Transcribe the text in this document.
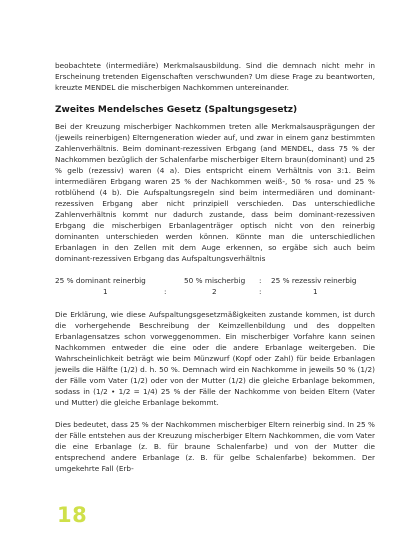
beobachtete (intermediäre) Merkmalsausbildung. Sind die demnach nicht mehr in Erscheinung tretenden Eigenschaften verschwunden? Um diese Frage zu beantworten, kreuzte MENDEL die mischerbigen Nachkommen untereinander.

Zweites Mendelsches Gesetz (Spaltungsgesetz)

Bei der Kreuzung mischerbiger Nachkommen treten alle Merkmalsausprägungen der (jeweils reinerbigen) Elterngeneration wieder auf, und zwar in einem ganz bestimmten Zahlenverhältnis. Beim dominant-rezessiven Erbgang (and MENDEL, dass 75 % der Nachkommen bezüglich der Schalenfarbe mischerbiger Eltern braun(dominant) und 25 % gelb (rezessiv) waren (4 a). Dies entspricht einem Verhältnis von 3:1. Beim intermediären Erbgang waren 25 % der Nachkommen weiß-, 50 % rosa- und 25 % rotblühend (4 b). Die Aufspaltungsregeln sind beim intermediären und dominant-rezessiven Erbgang aber nicht prinzipiell verschieden. Das unterschiedliche Zahlenverhältnis kommt nur dadurch zustande, dass beim dominant-rezessiven Erbgang die mischerbigen Erbanlagenträger optisch nicht von den reinerbig dominanten unterschieden werden können. Könnte man die unterschiedlichen Erbanlagen in den Zellen mit dem Auge erkennen, so ergäbe sich auch beim dominant-rezessiven Erbgang das Aufspaltungsverhältnis

25 % dominant reinerbig	50 % mischerbig : 25 % rezessiv reinerbig
1	:	2	:	1

Die Erklärung, wie diese Aufspaltungsgesetzmäßigkeiten zustande kommen, ist durch die vorhergehende Beschreibung der Keimzellenbildung und des doppelten Erbanlagensatzes schon vorweggenommen. Ein mischerbiger Vorfahre kann seinen Nachkommen entweder die eine oder die andere Erbanlage weitergeben. Die Wahrscheinlichkeit beträgt wie beim Münzwurf (Kopf oder Zahl) für beide Erbanlagen jeweils die Hälfte (1/2) d. h. 50 %. Demnach wird ein Nachkomme in jeweils 50 % (1/2) der Fälle vom Vater (1/2) oder von der Mutter (1/2) die gleiche Erbanlage bekommen, sodass in (1/2 • 1/2 = 1/4) 25 % der Fälle der Nachkomme von beiden Eltern (Vater und Mutter) die gleiche Erbanlage bekommt.

Dies bedeutet, dass 25 % der Nachkommen mischerbiger Eltern reinerbig sind. In 25 % der Fälle entstehen aus der Kreuzung mischerbiger Eltern Nachkommen, die vom Vater die eine Erbanlage (z. B. für braune Schalenfarbe) und von der Mutter die entsprechend andere Erbanlage (z. B. für gelbe Schalenfarbe) bekommen. Der umgekehrte Fall (Erb-

18
